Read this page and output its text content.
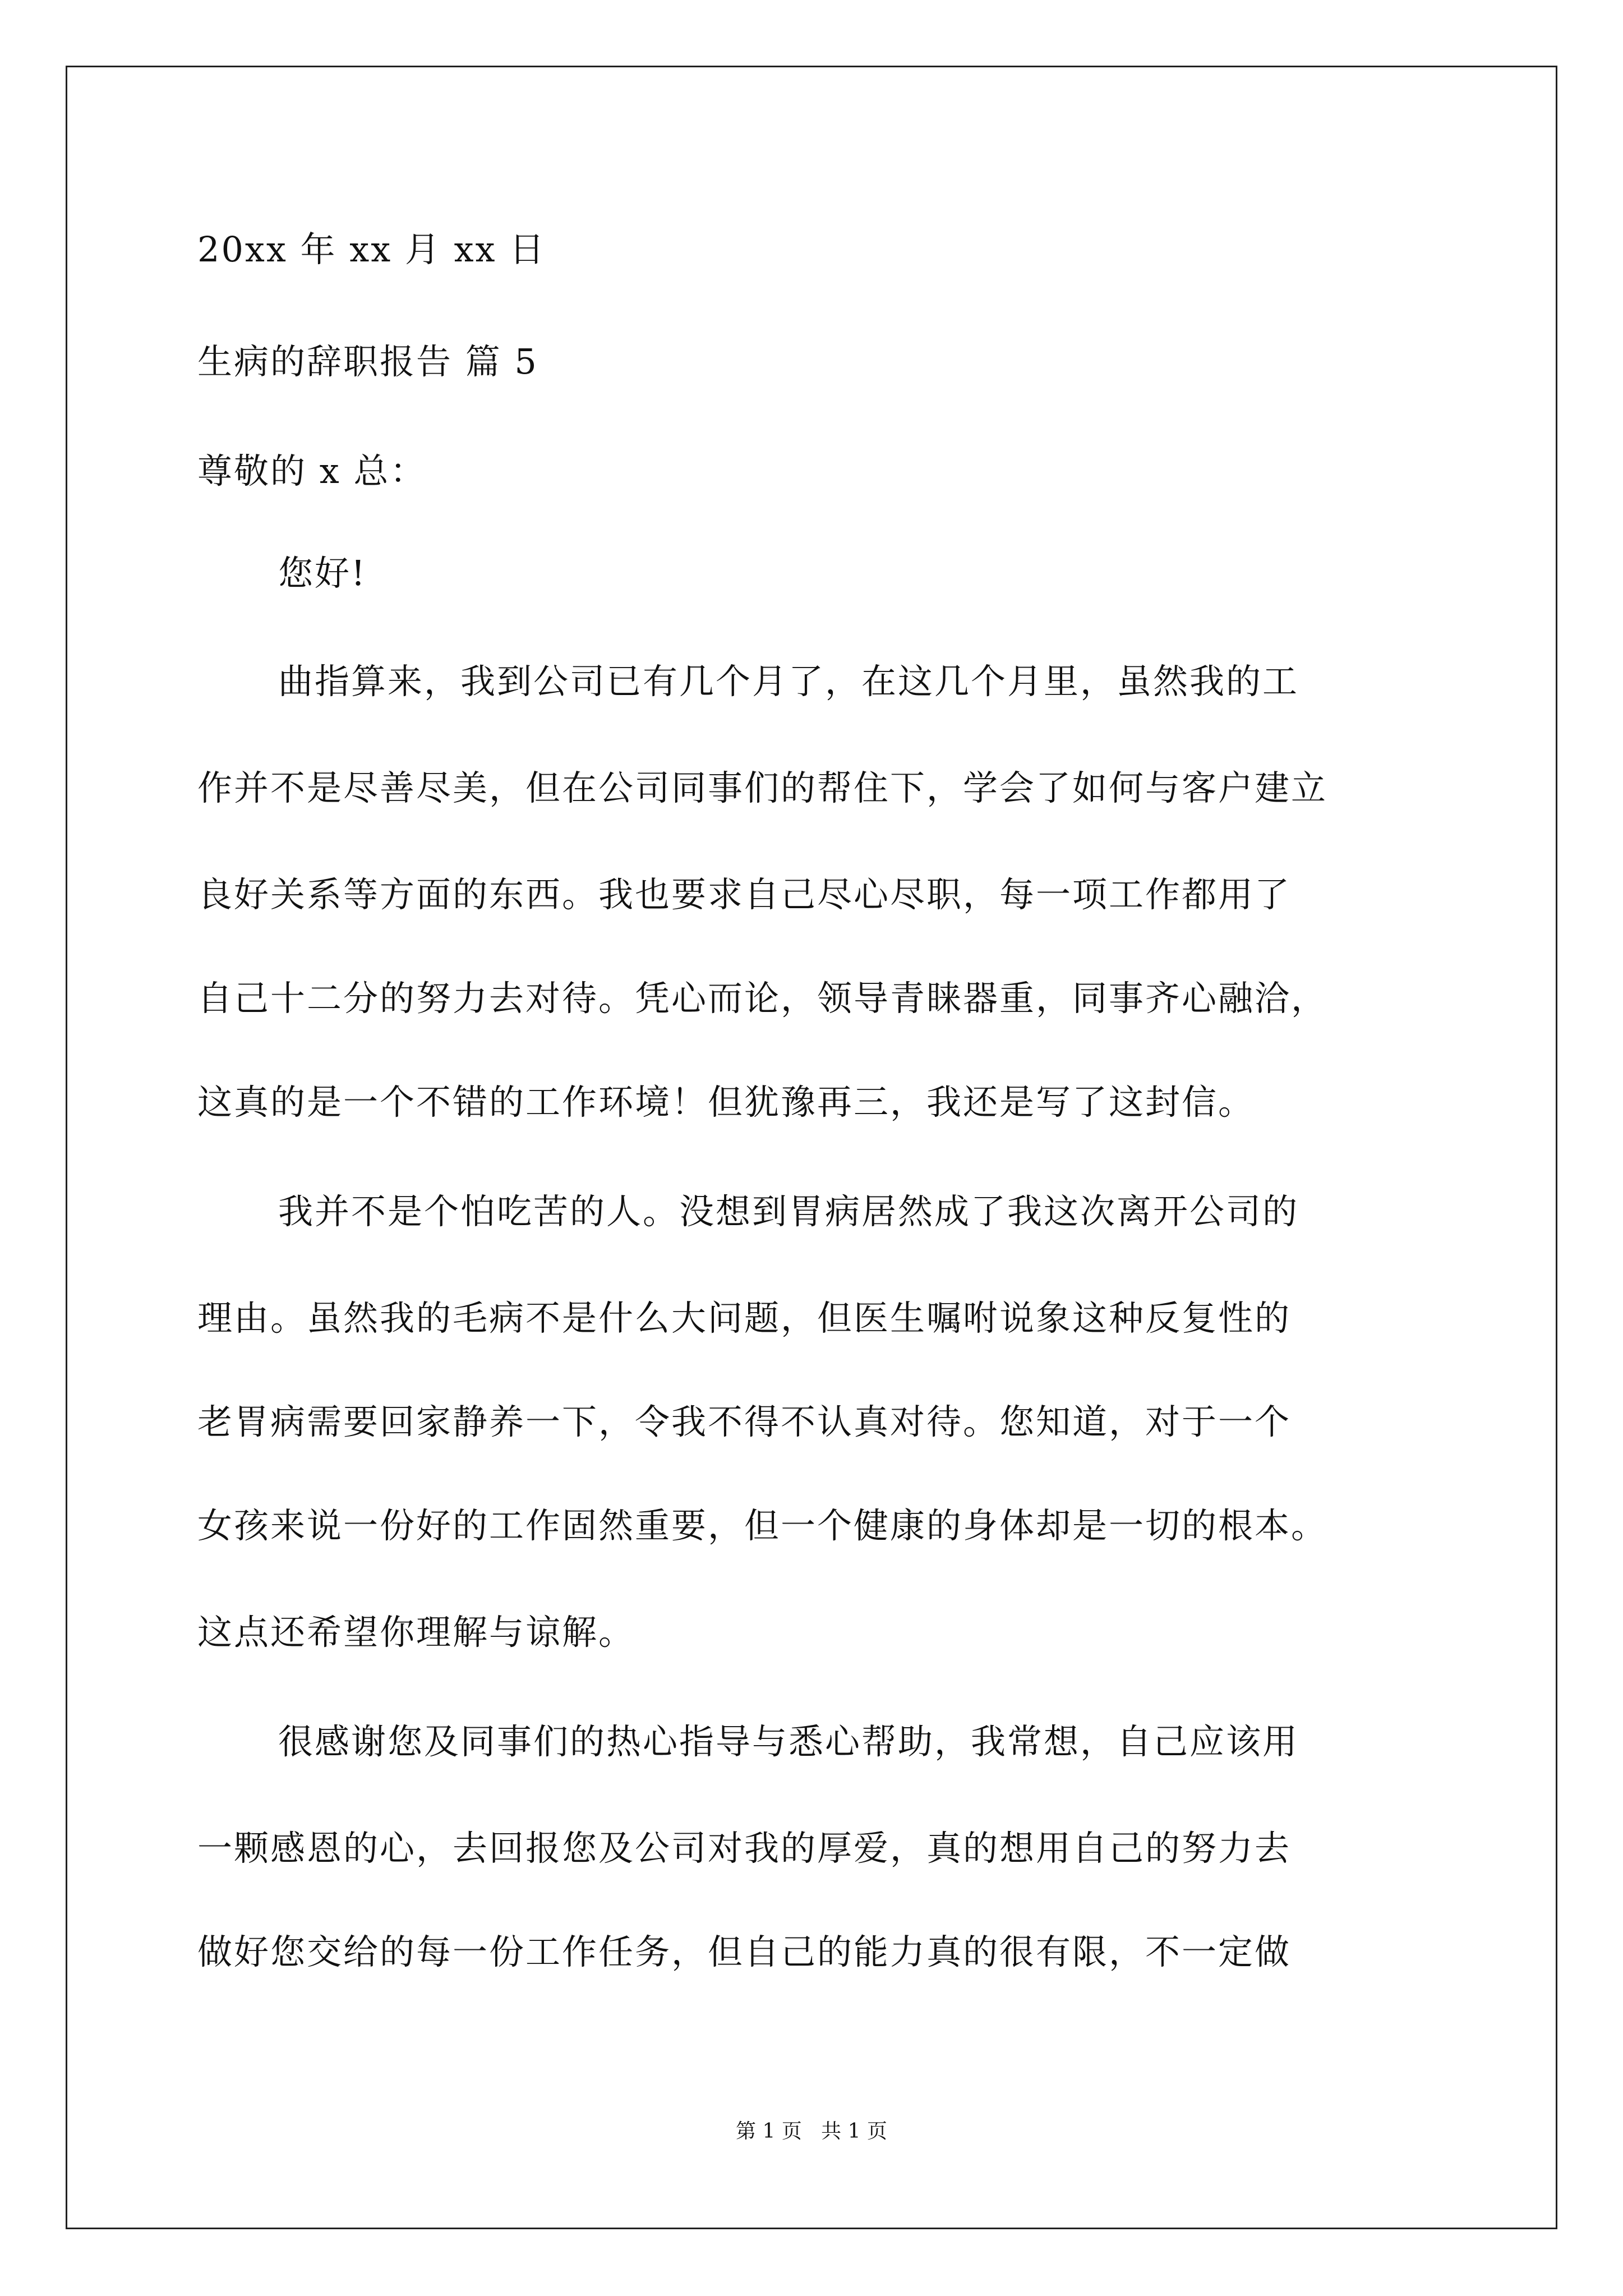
20xx 年 xx 月 xx 日
生病的辞职报告 篇 5
尊敬的 x 总：
您好!
曲指算来，我到公司已有几个月了，在这几个月里，虽然我的工
作并不是尽善尽美，但在公司同事们的帮住下，学会了如何与客户建立
良好关系等方面的东西。我也要求自己尽心尽职，每一项工作都用了
自己十二分的努力去对待。凭心而论，领导青睐器重，同事齐心融洽，
这真的是一个不错的工作环境！但犹豫再三，我还是写了这封信。
我并不是个怕吃苦的人。没想到胃病居然成了我这次离开公司的
理由。虽然我的毛病不是什么大问题，但医生嘱咐说象这种反复性的
老胃病需要回家静养一下，令我不得不认真对待。您知道，对于一个
女孩来说一份好的工作固然重要，但一个健康的身体却是一切的根本。
这点还希望你理解与谅解。
很感谢您及同事们的热心指导与悉心帮助，我常想，自己应该用
一颗感恩的心，去回报您及公司对我的厚爱，真的想用自己的努力去
做好您交给的每一份工作任务，但自己的能力真的很有限，不一定做
第 1 页   共 1 页
